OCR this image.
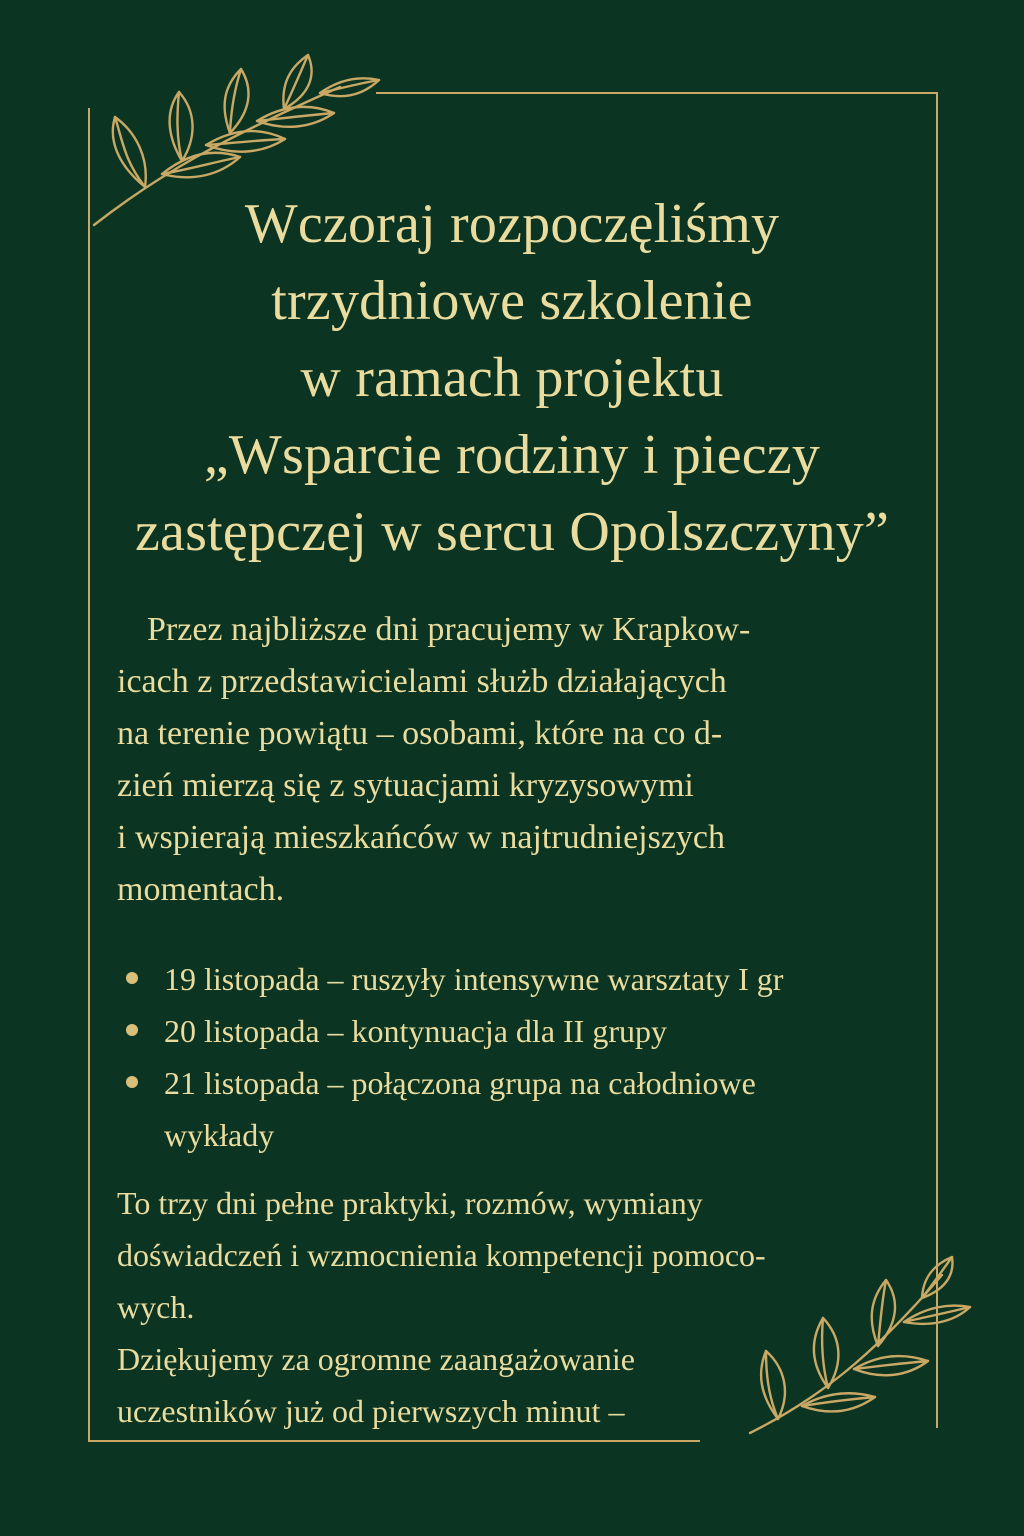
Wczoraj rozpoczęliśmy
trzydniowe szkolenie
w ramach projektu
„Wsparcie rodziny i pieczy
zastępczej w sercu Opolszczyny”
Przez najbliższe dni pracujemy w Krapkow-
icach z przedstawicielami służb działających
na terenie powiątu – osobami, które na co d-
zień mierzą się z sytuacjami kryzysowymi
i wspierają mieszkańców w najtrudniejszych
momentach.
19 listopada – ruszyły intensywne warsztaty I gr
20 listopada – kontynuacja dla II grupy
21 listopada – połączona grupa na całodniowe
wykłady
To trzy dni pełne praktyki, rozmów, wymiany
doświadczeń i wzmocnienia kompetencji pomoco-
wych.
Dziękujemy za ogromne zaangażowanie
uczestników już od pierwszych minut –
